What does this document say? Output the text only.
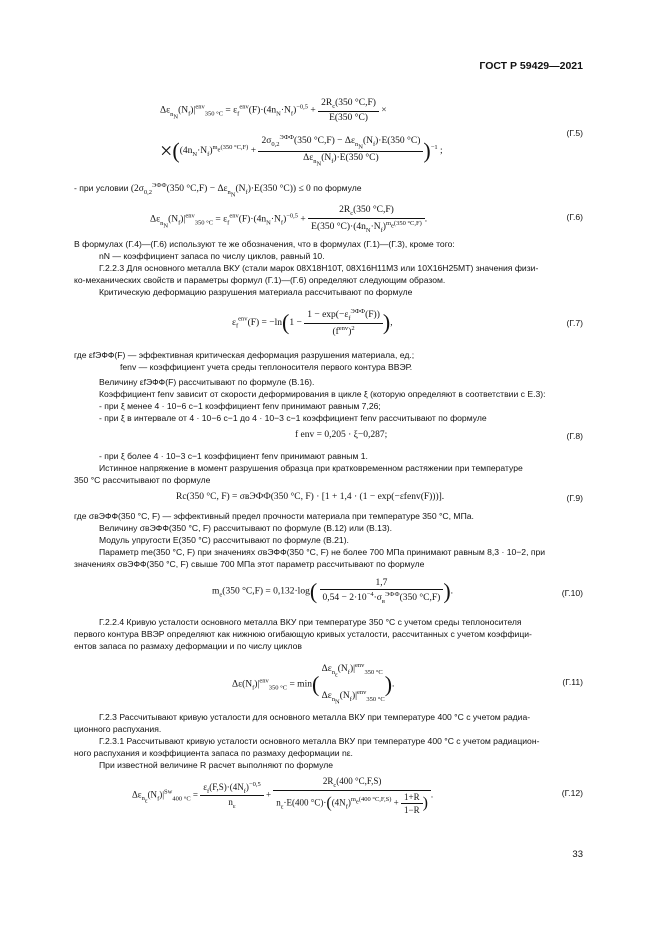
ГОСТ Р 59429—2021
$\Delta\varepsilon_{n_N}(N_f)|^{env}_{350 ^\circ C} = \varepsilon_f^{env}(F)\cdot(4n_N\cdot N_f)^{-0,5} + \frac{2R_c(350 ^\circ C,F)}{E(350 ^\circ C)}$ ×
$\times((4n_N\cdot N_f)^{m_e(350 ^\circ C,F)} + \frac{2\sigma_{0,2}^{ЭФФ}(350 ^\circ C,F) - \Delta\varepsilon_{n_N}(N_f)\cdot E(350 ^\circ C)}{\Delta\varepsilon_{n_N}(N_f)\cdot E(350 ^\circ C)} )^{-1}$ ;
(Г.5)
- при условии ($2\sigma_{0,2}^{ЭФФ}(350$ $^\circ C,F) - \Delta\varepsilon_{n_N}(N_f)\cdot E(350$ °C)) ≤ 0 по формуле
$\Delta\varepsilon_{n_N}(N_f)|^{env}_{350 ^\circ C} = \varepsilon_f^{env}(F)\cdot(4n_N\cdot N_f)^{-0,5} + \frac{2R_c(350 ^\circ C,F)}{E(350 ^\circ C)\cdot(4n_N\cdot N_f)^{m_e(350 ^\circ C,F)}}$ .	(Г.6)
В формулах (Г.4)—(Г.6) используют те же обозначения, что в формулах (Г.1)—(Г.3), кроме того:
nN — коэффициент запаса по числу циклов, равный 10.
Г.2.2.3 Для основного металла ВКУ (стали марок 08Х18Н10Т, 08Х16Н11М3 или 10Х16Н25МТ) значения физи-
ко-механических свойств и параметры формул (Г.1)—(Г.6) определяют следующим образом.
Критическую деформацию разрушения материала рассчитывают по формуле
$\varepsilon_f^{env}(F) = -\ln(1 - \frac{1 - \exp(-\varepsilon_f^{ЭФФ}(F))}{(f^{env})^2}$ ),	(Г.7)
где εfЭФФ(F) — эффективная критическая деформация разрушения материала, ед.;
fenv — коэффициент учета среды теплоносителя первого контура ВВЭР.
Величину εfЭФФ(F) рассчитывают по формуле (В.16).
Коэффициент fenv зависит от скорости деформирования в цикле ξ (которую определяют в соответствии с Е.3):
- при ξ менее 4 · 10−6 с−1 коэффициент fenv принимают равным 7,26;
- при ξ в интервале от 4 · 10−6 с−1 до 4 · 10−3 с−1 коэффициент fenv рассчитывают по формуле
f env = 0,205 · ξ−0,287;	(Г.8)
- при ξ более 4 · 10−3 с−1 коэффициент fenv принимают равным 1.
Истинное напряжение в момент разрушения образца при кратковременном растяжении при температуре
350 °С рассчитывают по формуле
Rc(350 °C, F) = σвЭФФ(350 °C, F) · [1 + 1,4 · (1 − exp(−εfenv(F)))].	(Г.9)
где σвЭФФ(350 °С, F) — эффективный предел прочности материала при температуре 350 °С, МПа.
Величину σвЭФФ(350 °С, F) рассчитывают по формуле (В.12) или (В.13).
Модуль упругости E(350 °С) рассчитывают по формуле (В.21).
Параметр me(350 °С, F) при значениях σвЭФФ(350 °С, F) не более 700 МПа принимают равным 8,3 · 10−2, при
значениях σвЭФФ(350 °С, F) свыше 700 МПа этот параметр рассчитывают по формуле
$m_e(350$ $^\circ C,F) = 0,132\cdot\log( \frac{1,7}{0,54 - 2\cdot 10^{-4}\cdot\sigma_в^{ЭФФ}(350 ^\circ C,F)}$ ).	(Г.10)
Г.2.2.4 Кривую усталости основного металла ВКУ при температуре 350 °С с учетом среды теплоносителя
первого контура ВВЭР определяют как нижнюю огибающую кривых усталости, рассчитанных с учетом коэффици-
ентов запаса по размаху деформации и по числу циклов
$\Delta\varepsilon(N_f)|^{env}_{350 ^\circ C} = \min$( $\Delta\varepsilon_{n_\varepsilon}(N_f)|^{env}_{350 ^\circ C}$
$\Delta\varepsilon_{n_N}(N_f)|^{env}_{350 ^\circ C}$).	(Г.11)
Г.2.3 Рассчитывают кривую усталости для основного металла ВКУ при температуре 400 °С с учетом радиа-
ционного распухания.
Г.2.3.1 Рассчитывают кривую усталости основного металла ВКУ при температуре 400 °С с учетом радиацион-
ного распухания и коэффициента запаса по размаху деформации nε.
При известной величине R расчет выполняют по формуле
$\Delta\varepsilon_{n_\varepsilon}(N_f)|^{Sw}_{400 ^\circ C} = \frac{\varepsilon_f(F,S)\cdot(4N_f)^{-0,5}}{n_\varepsilon} + \frac{2R_c(400 ^\circ C,F,S)}{n_\varepsilon\cdot E(400 ^\circ C)\cdot((4N_f)^{m_e(400 ^\circ C,F,S)} + \frac{1+R}{1-R} )}$ .	(Г.12)
33
